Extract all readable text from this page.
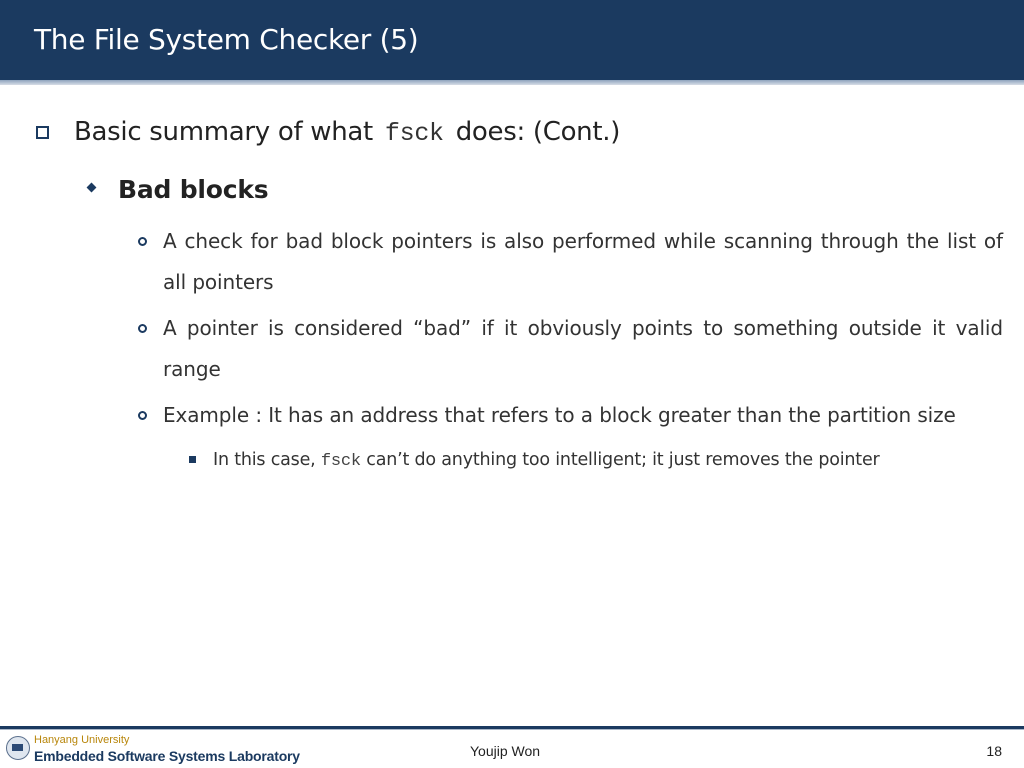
The File System Checker (5)
Basic summary of what fsck does: (Cont.)
Bad blocks
A check for bad block pointers is also performed while scanning through the list of all pointers
A pointer is considered “bad” if it obviously points to something outside it valid range
Example : It has an address that refers to a block greater than the partition size
In this case, fsck can’t do anything too intelligent; it just removes the pointer
Hanyang University
Embedded Software Systems Laboratory	Youjip Won	18
